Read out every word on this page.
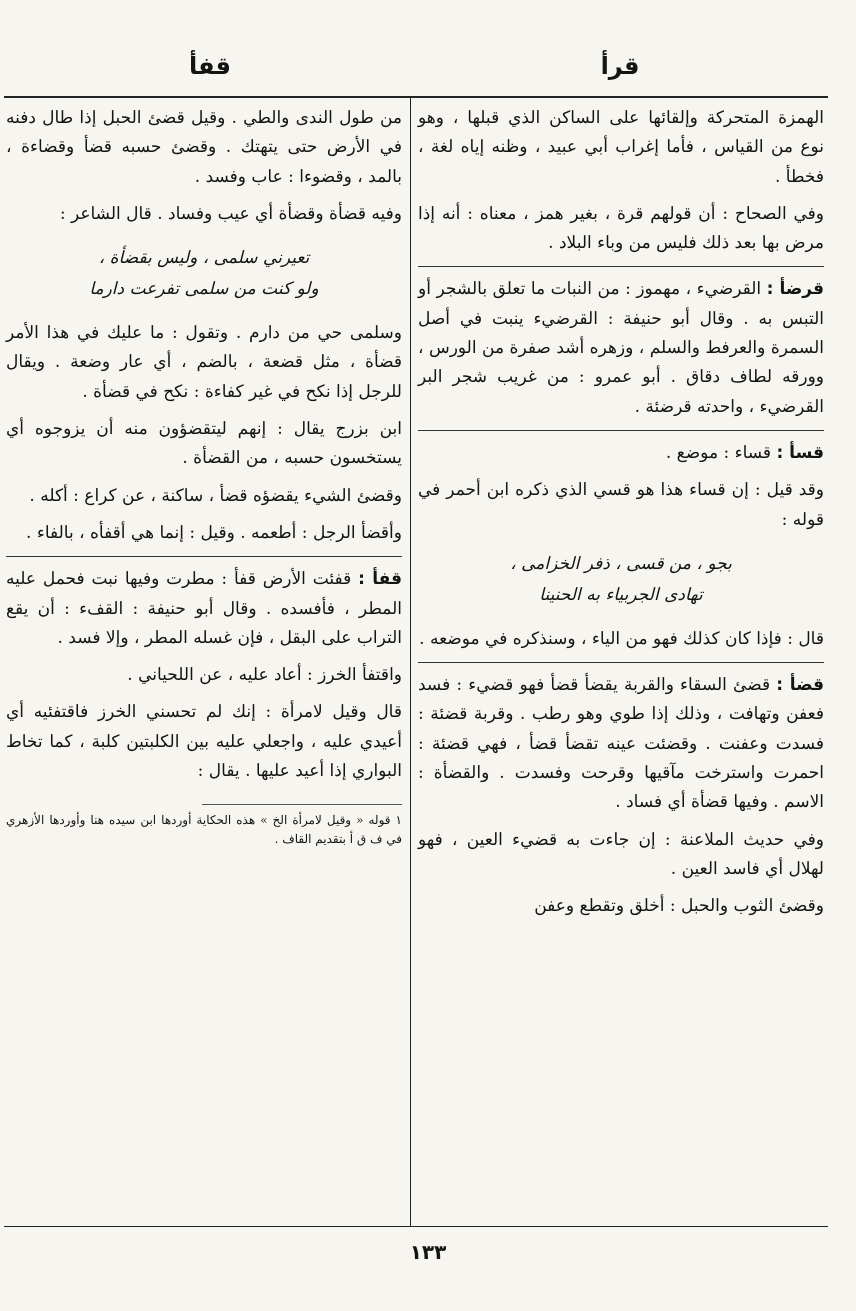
قرأ
قفأ

الهمزة المتحركة وإلقائها على الساكن الذي قبلها ، وهو نوع من القياس ، فأما إغراب أبي عبيد ، وظنه إياه لغة ، فخطأ .

وفي الصحاح : أن قولهم قرة ، بغير همز ، معناه : أنه إذا مرض بها بعد ذلك فليس من وباء البلاد .

قرضأ : القرضيء ، مهموز : من النبات ما تعلق بالشجر أو التبس به . وقال أبو حنيفة : القرضيء ينبت في أصل السمرة والعرفط والسلم ، وزهره أشد صفرة من الورس ، وورقه لطاف دقاق . أبو عمرو : من غريب شجر البر القرضيء ، واحدته قرضئة .

قسأ : قساء : موضع .

وقد قيل : إن قساء هذا هو قسي الذي ذكره ابن أحمر في قوله :

بجو ، من قسى ، ذفر الخزامى ،
تهادى الجربياء به الحنينا

قال : فإذا كان كذلك فهو من الياء ، وسنذكره في موضعه .

قضأ : قضئ السقاء والقربة يقضأ قضأ فهو قضيء : فسد فعفن وتهافت ، وذلك إذا طوي وهو رطب . وقربة قضئة : فسدت وعفنت . وقضئت عينه تقضأ قضأ ، فهي قضئة : احمرت واسترخت مآقيها وقرحت وفسدت . والقضأة : الاسم . وفيها قضأة أي فساد .

وفي حديث الملاعنة : إن جاءت به قضيء العين ، فهو لهلال أي فاسد العين .

وقضئ الثوب والحبل : أخلق وتقطع وعفن

من طول الندى والطي . وقيل قضئ الحبل إذا طال دفنه في الأرض حتى يتهتك . وقضئ حسبه قضأ وقضاءة ، بالمد ، وقضوءا : عاب وفسد .

وفيه قضأة وقضأة أي عيب وفساد . قال الشاعر :

تعيرني سلمى ، وليس بقضأة ،
ولو كنت من سلمى تفرعت دارما

وسلمى حي من دارم . وتقول : ما عليك في هذا الأمر قضأة ، مثل قضعة ، بالضم ، أي عار وضعة . ويقال للرجل إذا نكح في غير كفاءة : نكح في قضأة .

ابن بزرج يقال : إنهم ليتقضؤون منه أن يزوجوه أي يستخسون حسبه ، من القضأة .

وقضئ الشيء يقضؤه قضأ ، ساكنة ، عن كراع : أكله .

وأقضأ الرجل : أطعمه . وقيل : إنما هي أقفأه ، بالفاء .

قفأ : قفئت الأرض قفأ : مطرت وفيها نبت فحمل عليه المطر ، فأفسده . وقال أبو حنيفة : القفء : أن يقع التراب على البقل ، فإن غسله المطر ، وإلا فسد .

واقتفأ الخرز : أعاد عليه ، عن اللحياني .

قال وقيل لامرأة : إنك لم تحسني الخرز فاقتفئيه أي أعيدي عليه ، واجعلي عليه بين الكلبتين كلبة ، كما تخاط البواري إذا أعيد عليها . يقال :

١ قوله « وقيل لامرأة الخ » هذه الحكاية أوردها ابن سيده هنا وأوردها الأزهري في ف ق أ بتقديم القاف .

١٣٣
